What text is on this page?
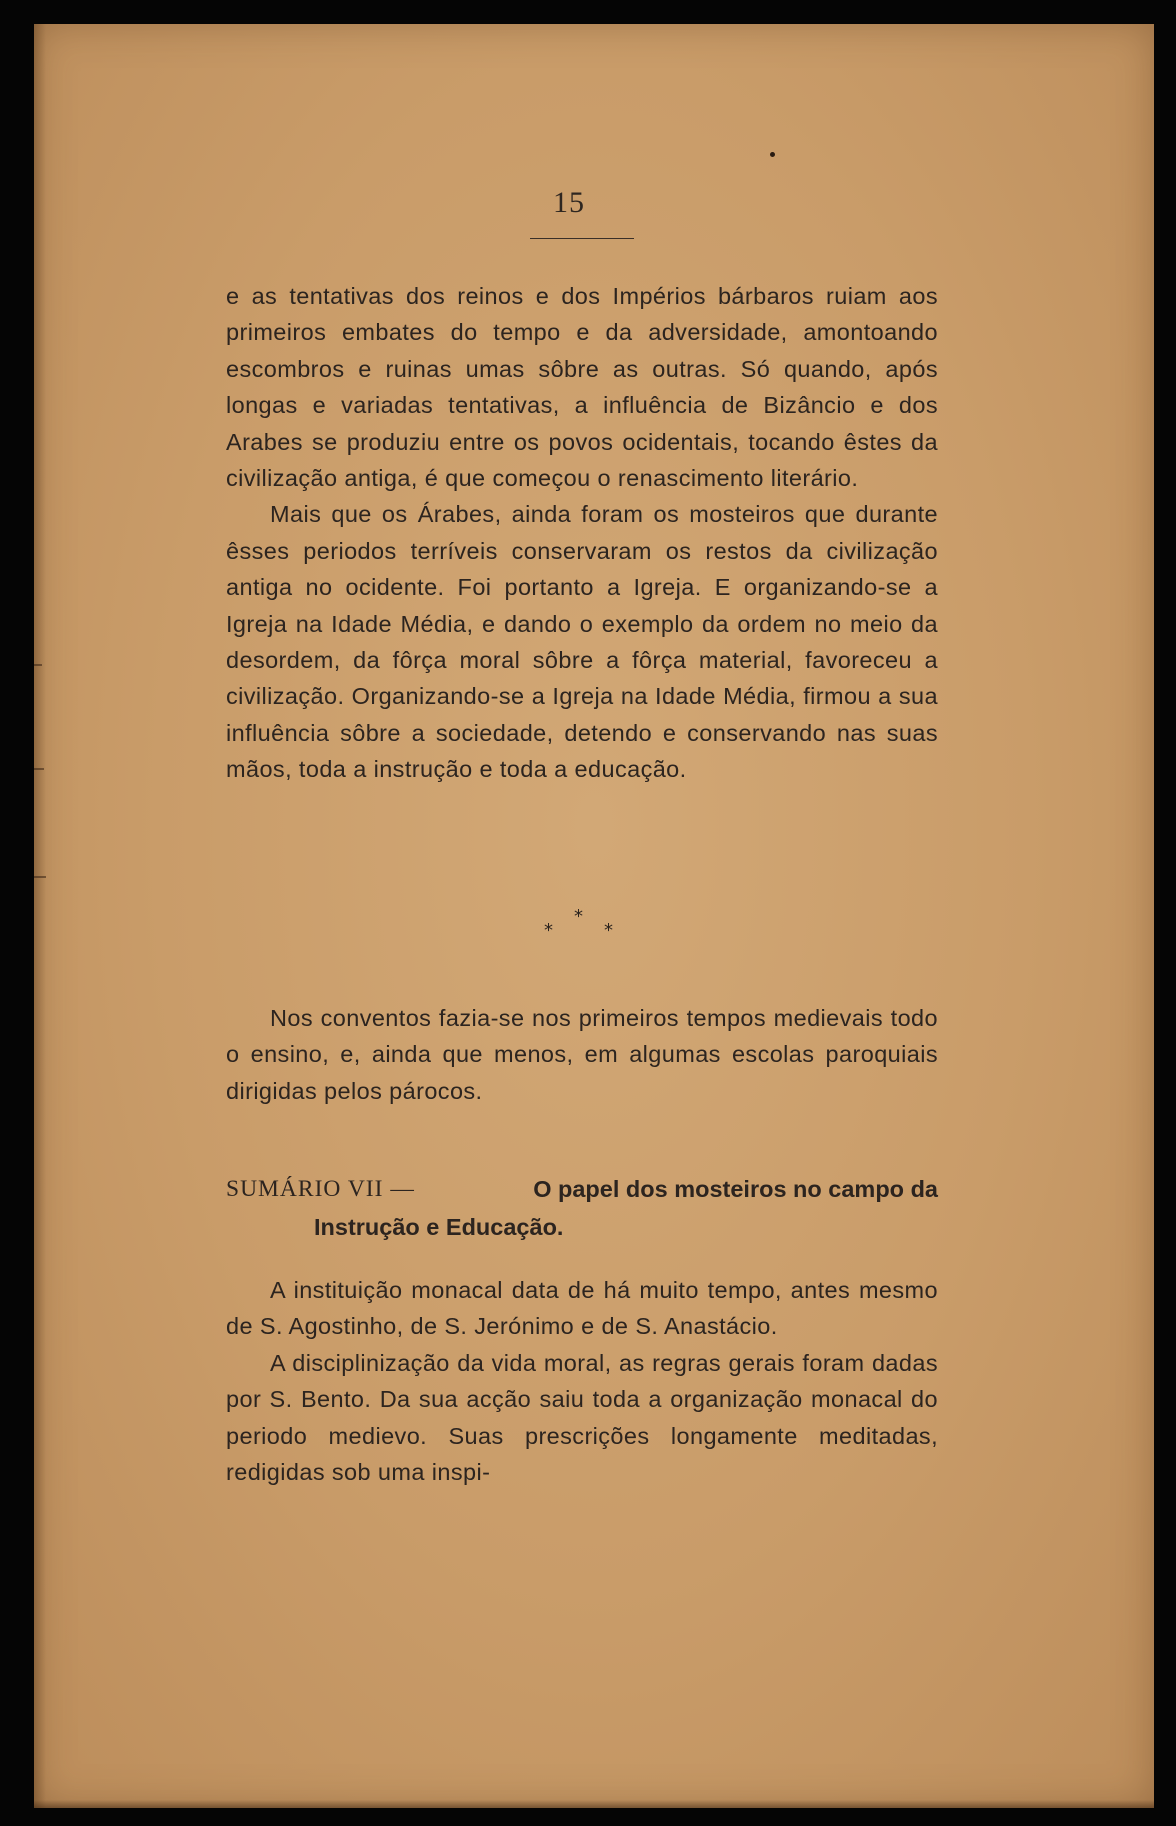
15

e as tentativas dos reinos e dos Impérios bárbaros ruiam aos primeiros embates do tempo e da adversidade, amontoando escombros e ruinas umas sôbre as outras. Só quando, após longas e variadas tentativas, a influência de Bizâncio e dos Arabes se produziu entre os povos ocidentais, tocando êstes da civilização antiga, é que começou o renascimento literário.

Mais que os Árabes, ainda foram os mosteiros que durante êsses periodos terríveis conservaram os restos da civilização antiga no ocidente. Foi portanto a Igreja. E organizando-se a Igreja na Idade Média, e dando o exemplo da ordem no meio da desordem, da fôrça moral sôbre a fôrça material, favoreceu a civilização. Organizando-se a Igreja na Idade Média, firmou a sua influência sôbre a sociedade, detendo e conservando nas suas mãos, toda a instrução e toda a educação.

*
*	*

Nos conventos fazia-se nos primeiros tempos medievais todo o ensino, e, ainda que menos, em algumas escolas paroquiais dirigidas pelos párocos.

SUMÁRIO VII —	O papel dos mosteiros no campo da
Instrução e Educação.

A instituição monacal data de há muito tempo, antes mesmo de S. Agostinho, de S. Jerónimo e de S. Anastácio.

A disciplinização da vida moral, as regras gerais foram dadas por S. Bento. Da sua acção saiu toda a organização monacal do periodo medievo. Suas prescrições longamente meditadas, redigidas sob uma inspi-
